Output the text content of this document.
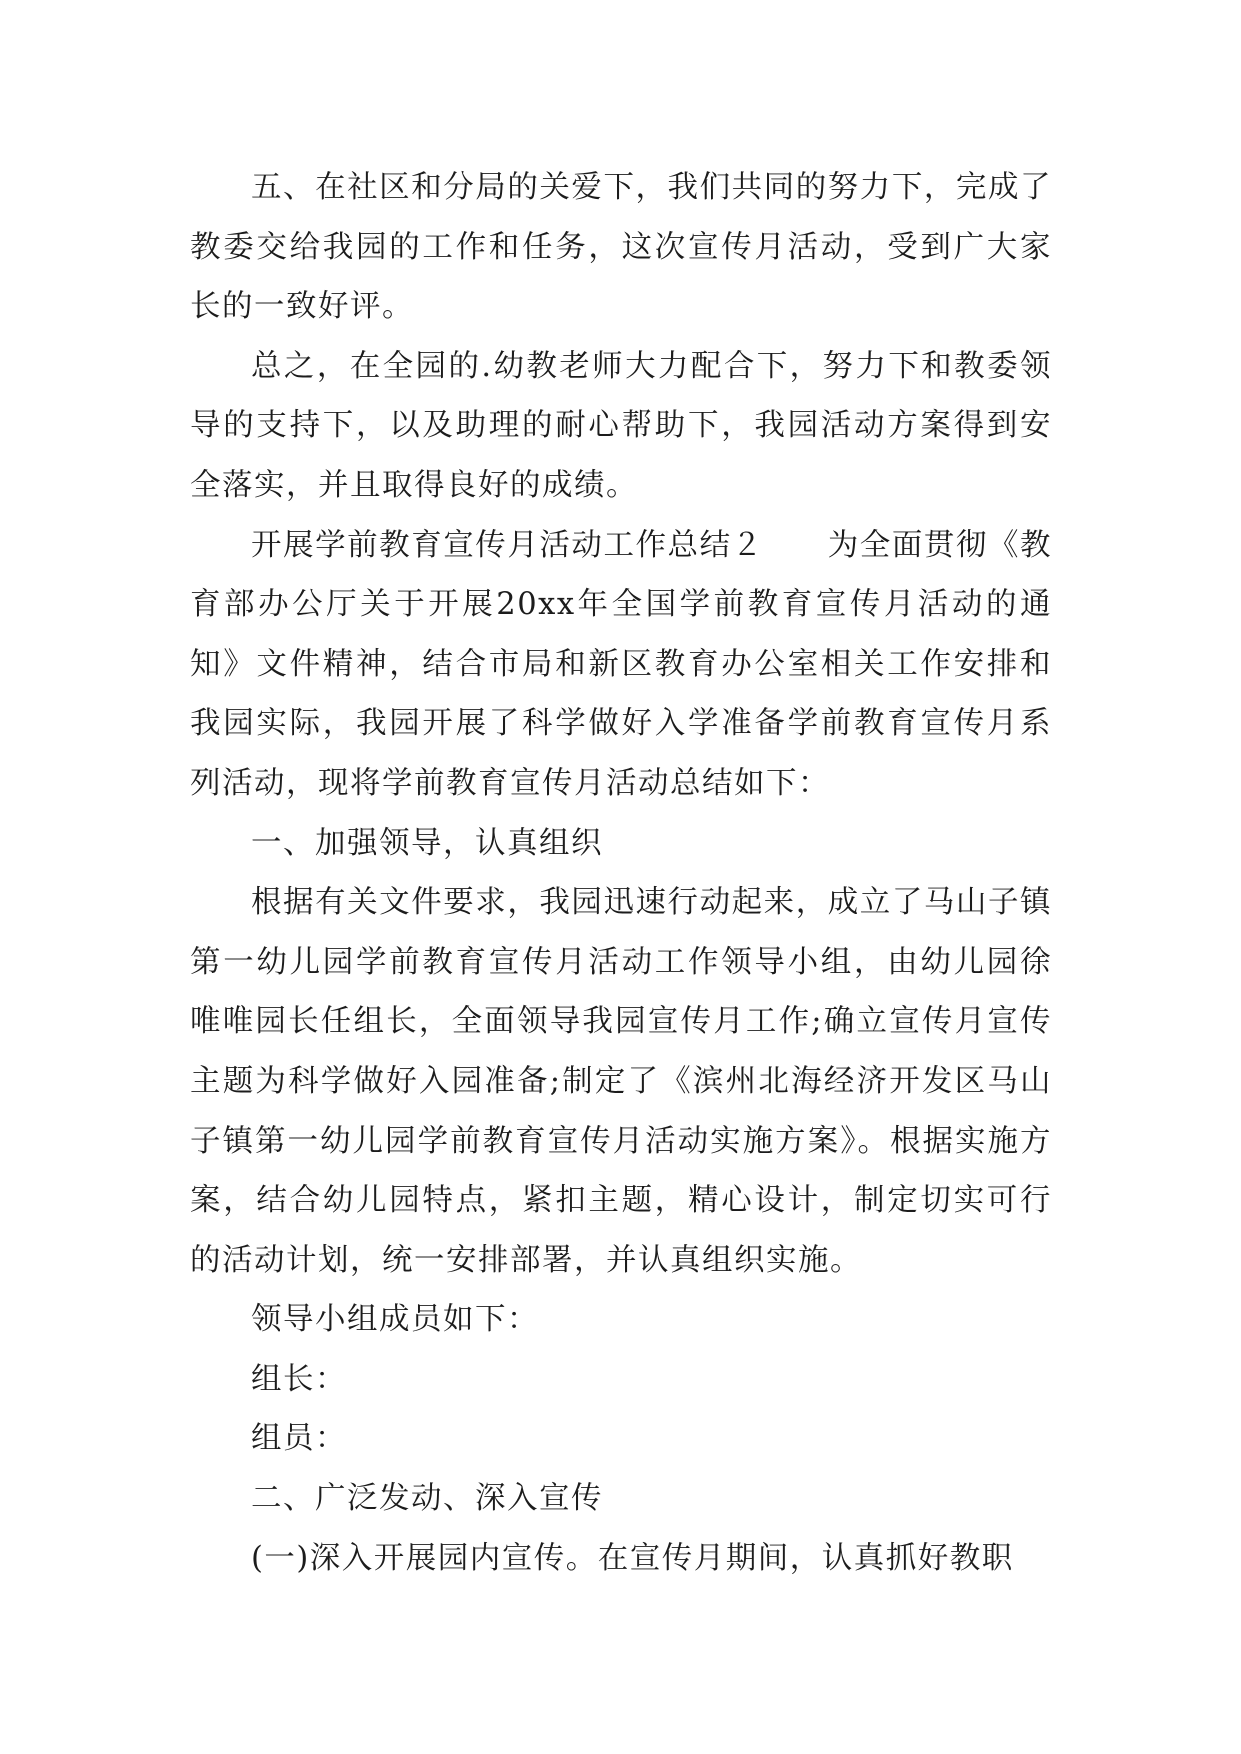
五、在社区和分局的关爱下，我们共同的努力下，完成了教委交给我园的工作和任务，这次宣传月活动，受到广大家长的一致好评。

总之，在全园的.幼教老师大力配合下，努力下和教委领导的支持下，以及助理的耐心帮助下，我园活动方案得到安全落实，并且取得良好的成绩。

开展学前教育宣传月活动工作总结２　　为全面贯彻《教育部办公厅关于开展20xx年全国学前教育宣传月活动的通知》文件精神，结合市局和新区教育办公室相关工作安排和我园实际，我园开展了科学做好入学准备学前教育宣传月系列活动，现将学前教育宣传月活动总结如下：

一、加强领导，认真组织

根据有关文件要求，我园迅速行动起来，成立了马山子镇第一幼儿园学前教育宣传月活动工作领导小组，由幼儿园徐唯唯园长任组长，全面领导我园宣传月工作;确立宣传月宣传主题为科学做好入园准备;制定了《滨州北海经济开发区马山子镇第一幼儿园学前教育宣传月活动实施方案》。根据实施方案，结合幼儿园特点，紧扣主题，精心设计，制定切实可行的活动计划，统一安排部署，并认真组织实施。

领导小组成员如下：

组长：

组员：

二、广泛发动、深入宣传

(一)深入开展园内宣传。在宣传月期间，认真抓好教职
